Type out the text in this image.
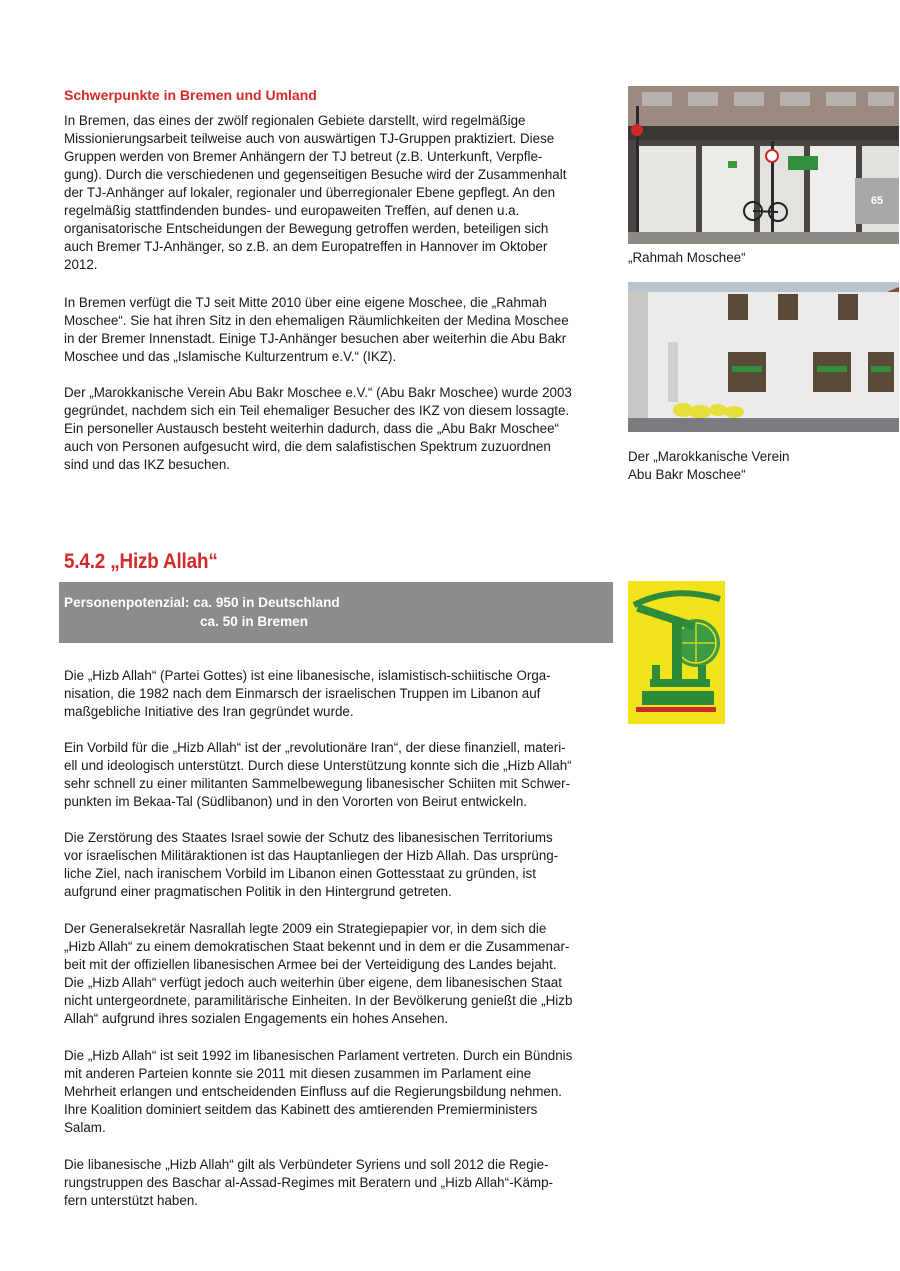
Schwerpunkte in Bremen und Umland
In Bremen, das eines der zwölf regionalen Gebiete darstellt, wird regelmäßige
Missionierungsarbeit teilweise auch von auswärtigen TJ-Gruppen praktiziert. Diese
Gruppen werden von Bremer Anhängern der TJ betreut (z.B. Unterkunft, Verpfle-
gung). Durch die verschiedenen und gegenseitigen Besuche wird der Zusammenhalt
der TJ-Anhänger auf lokaler, regionaler und überregionaler Ebene gepflegt. An den
regelmäßig stattfindenden bundes- und europaweiten Treffen, auf denen u.a.
organisatorische Entscheidungen der Bewegung getroffen werden, beteiligen sich
auch Bremer TJ-Anhänger, so z.B. an dem Europatreffen in Hannover im Oktober
2012.
In Bremen verfügt die TJ seit Mitte 2010 über eine eigene Moschee, die „Rahmah
Moschee“. Sie hat ihren Sitz in den ehemaligen Räumlichkeiten der Medina Moschee
in der Bremer Innenstadt. Einige TJ-Anhänger besuchen aber weiterhin die Abu Bakr
Moschee und das „Islamische Kulturzentrum e.V.“ (IKZ).
Der „Marokkanische Verein Abu Bakr Moschee e.V.“ (Abu Bakr Moschee) wurde 2003
gegründet, nachdem sich ein Teil ehemaliger Besucher des IKZ von diesem lossagte.
Ein personeller Austausch besteht weiterhin dadurch, dass die „Abu Bakr Moschee“
auch von Personen aufgesucht wird, die dem salafistischen Spektrum zuzuordnen
sind und das IKZ besuchen.
65
„Rahmah Moschee“
Der „Marokkanische Verein
Abu Bakr Moschee“
5.4.2 „Hizb Allah“
Personenpotenzial: ca. 950 in Deutschland
ca. 50 in Bremen
Die „Hizb Allah“ (Partei Gottes) ist eine libanesische, islamistisch-schiitische Orga-
nisation, die 1982 nach dem Einmarsch der israelischen Truppen im Libanon auf
maßgebliche Initiative des Iran gegründet wurde.
Ein Vorbild für die „Hizb Allah“ ist der „revolutionäre Iran“, der diese finanziell, materi-
ell und ideologisch unterstützt. Durch diese Unterstützung konnte sich die „Hizb Allah“
sehr schnell zu einer militanten Sammelbewegung libanesischer Schiiten mit Schwer-
punkten im Bekaa-Tal (Südlibanon) und in den Vororten von Beirut entwickeln.
Die Zerstörung des Staates Israel sowie der Schutz des libanesischen Territoriums
vor israelischen Militäraktionen ist das Hauptanliegen der Hizb Allah. Das ursprüng-
liche Ziel, nach iranischem Vorbild im Libanon einen Gottesstaat zu gründen, ist
aufgrund einer pragmatischen Politik in den Hintergrund getreten.
Der Generalsekretär Nasrallah legte 2009 ein Strategiepapier vor, in dem sich die
„Hizb Allah“ zu einem demokratischen Staat bekennt und in dem er die Zusammenar-
beit mit der offiziellen libanesischen Armee bei der Verteidigung des Landes bejaht.
Die „Hizb Allah“ verfügt jedoch auch weiterhin über eigene, dem libanesischen Staat
nicht untergeordnete, paramilitärische Einheiten. In der Bevölkerung genießt die „Hizb
Allah“ aufgrund ihres sozialen Engagements ein hohes Ansehen.
Die „Hizb Allah“ ist seit 1992 im libanesischen Parlament vertreten. Durch ein Bündnis
mit anderen Parteien konnte sie 2011 mit diesen zusammen im Parlament eine
Mehrheit erlangen und entscheidenden Einfluss auf die Regierungsbildung nehmen.
Ihre Koalition dominiert seitdem das Kabinett des amtierenden Premierministers
Salam.
Die libanesische „Hizb Allah“ gilt als Verbündeter Syriens und soll 2012 die Regie-
rungstruppen des Baschar al-Assad-Regimes mit Beratern und „Hizb Allah“-Kämp-
fern unterstützt haben.
